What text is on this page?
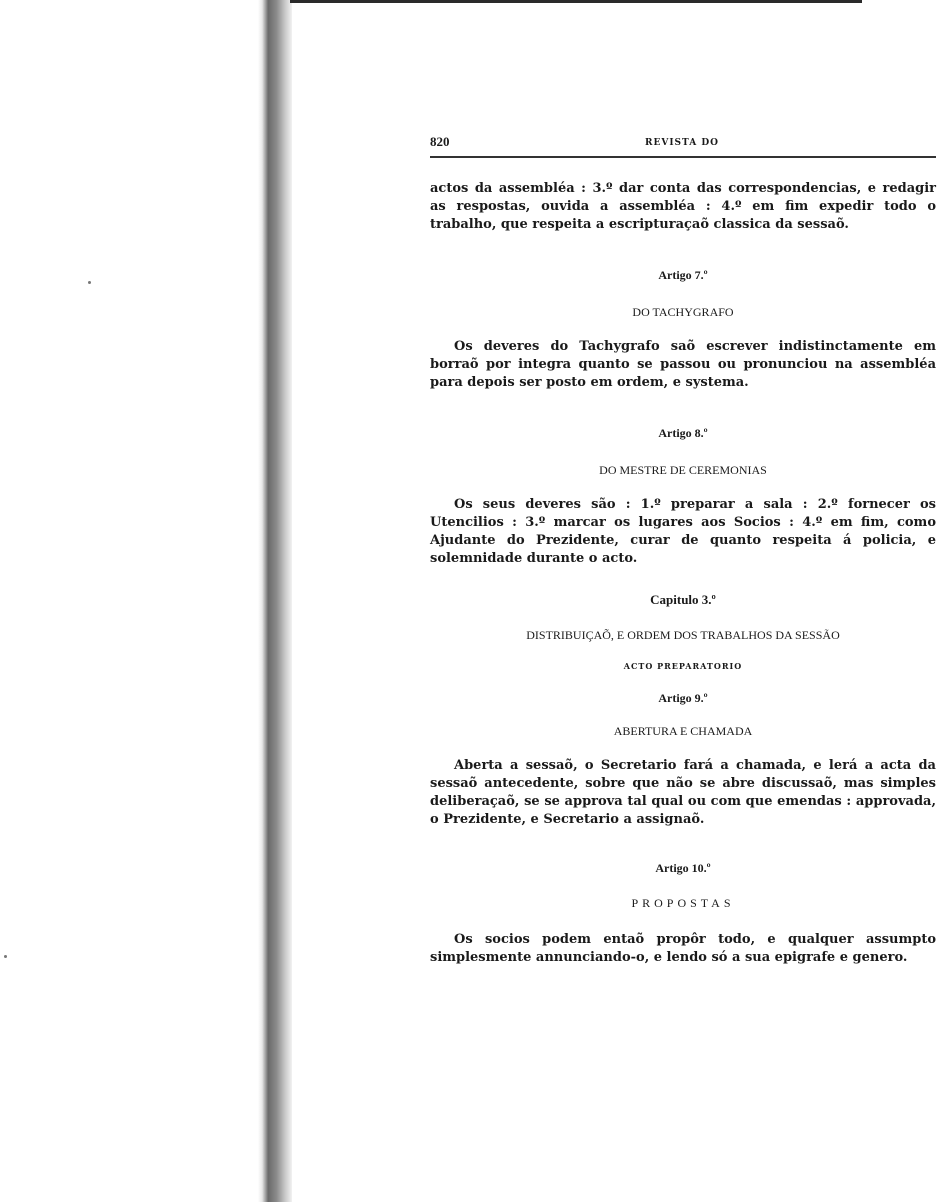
820	REVISTA DO

actos da assembléa : 3.º dar conta das correspondencias, e redagir as respostas, ouvida a assembléa : 4.º em fim expedir todo o trabalho, que respeita a escripturaçaõ classica da sessaõ.

Artigo 7.º

DO TACHYGRAFO

Os deveres do Tachygrafo saõ escrever indistinctamente em borraõ por integra quanto se passou ou pronunciou na assembléa para depois ser posto em ordem, e systema.

Artigo 8.º

DO MESTRE DE CEREMONIAS

Os seus deveres são : 1.º preparar a sala : 2.º fornecer os Utencilios : 3.º marcar os lugares aos Socios : 4.º em fim, como Ajudante do Prezidente, curar de quanto respeita á policia, e solemnidade durante o acto.

Capitulo 3.º

DISTRIBUIÇAÕ, E ORDEM DOS TRABALHOS DA SESSÃO

ACTO PREPARATORIO

Artigo 9.º

ABERTURA E CHAMADA

Aberta a sessaõ, o Secretario fará a chamada, e lerá a acta da sessaõ antecedente, sobre que não se abre discussaõ, mas simples deliberaçaõ, se se approva tal qual ou com que emendas : approvada, o Prezidente, e Secretario a assignaõ.

Artigo 10.º

PROPOSTAS

Os socios podem entaõ propôr todo, e qualquer assumpto simplesmente annunciando-o, e lendo só a sua epigrafe e genero.
